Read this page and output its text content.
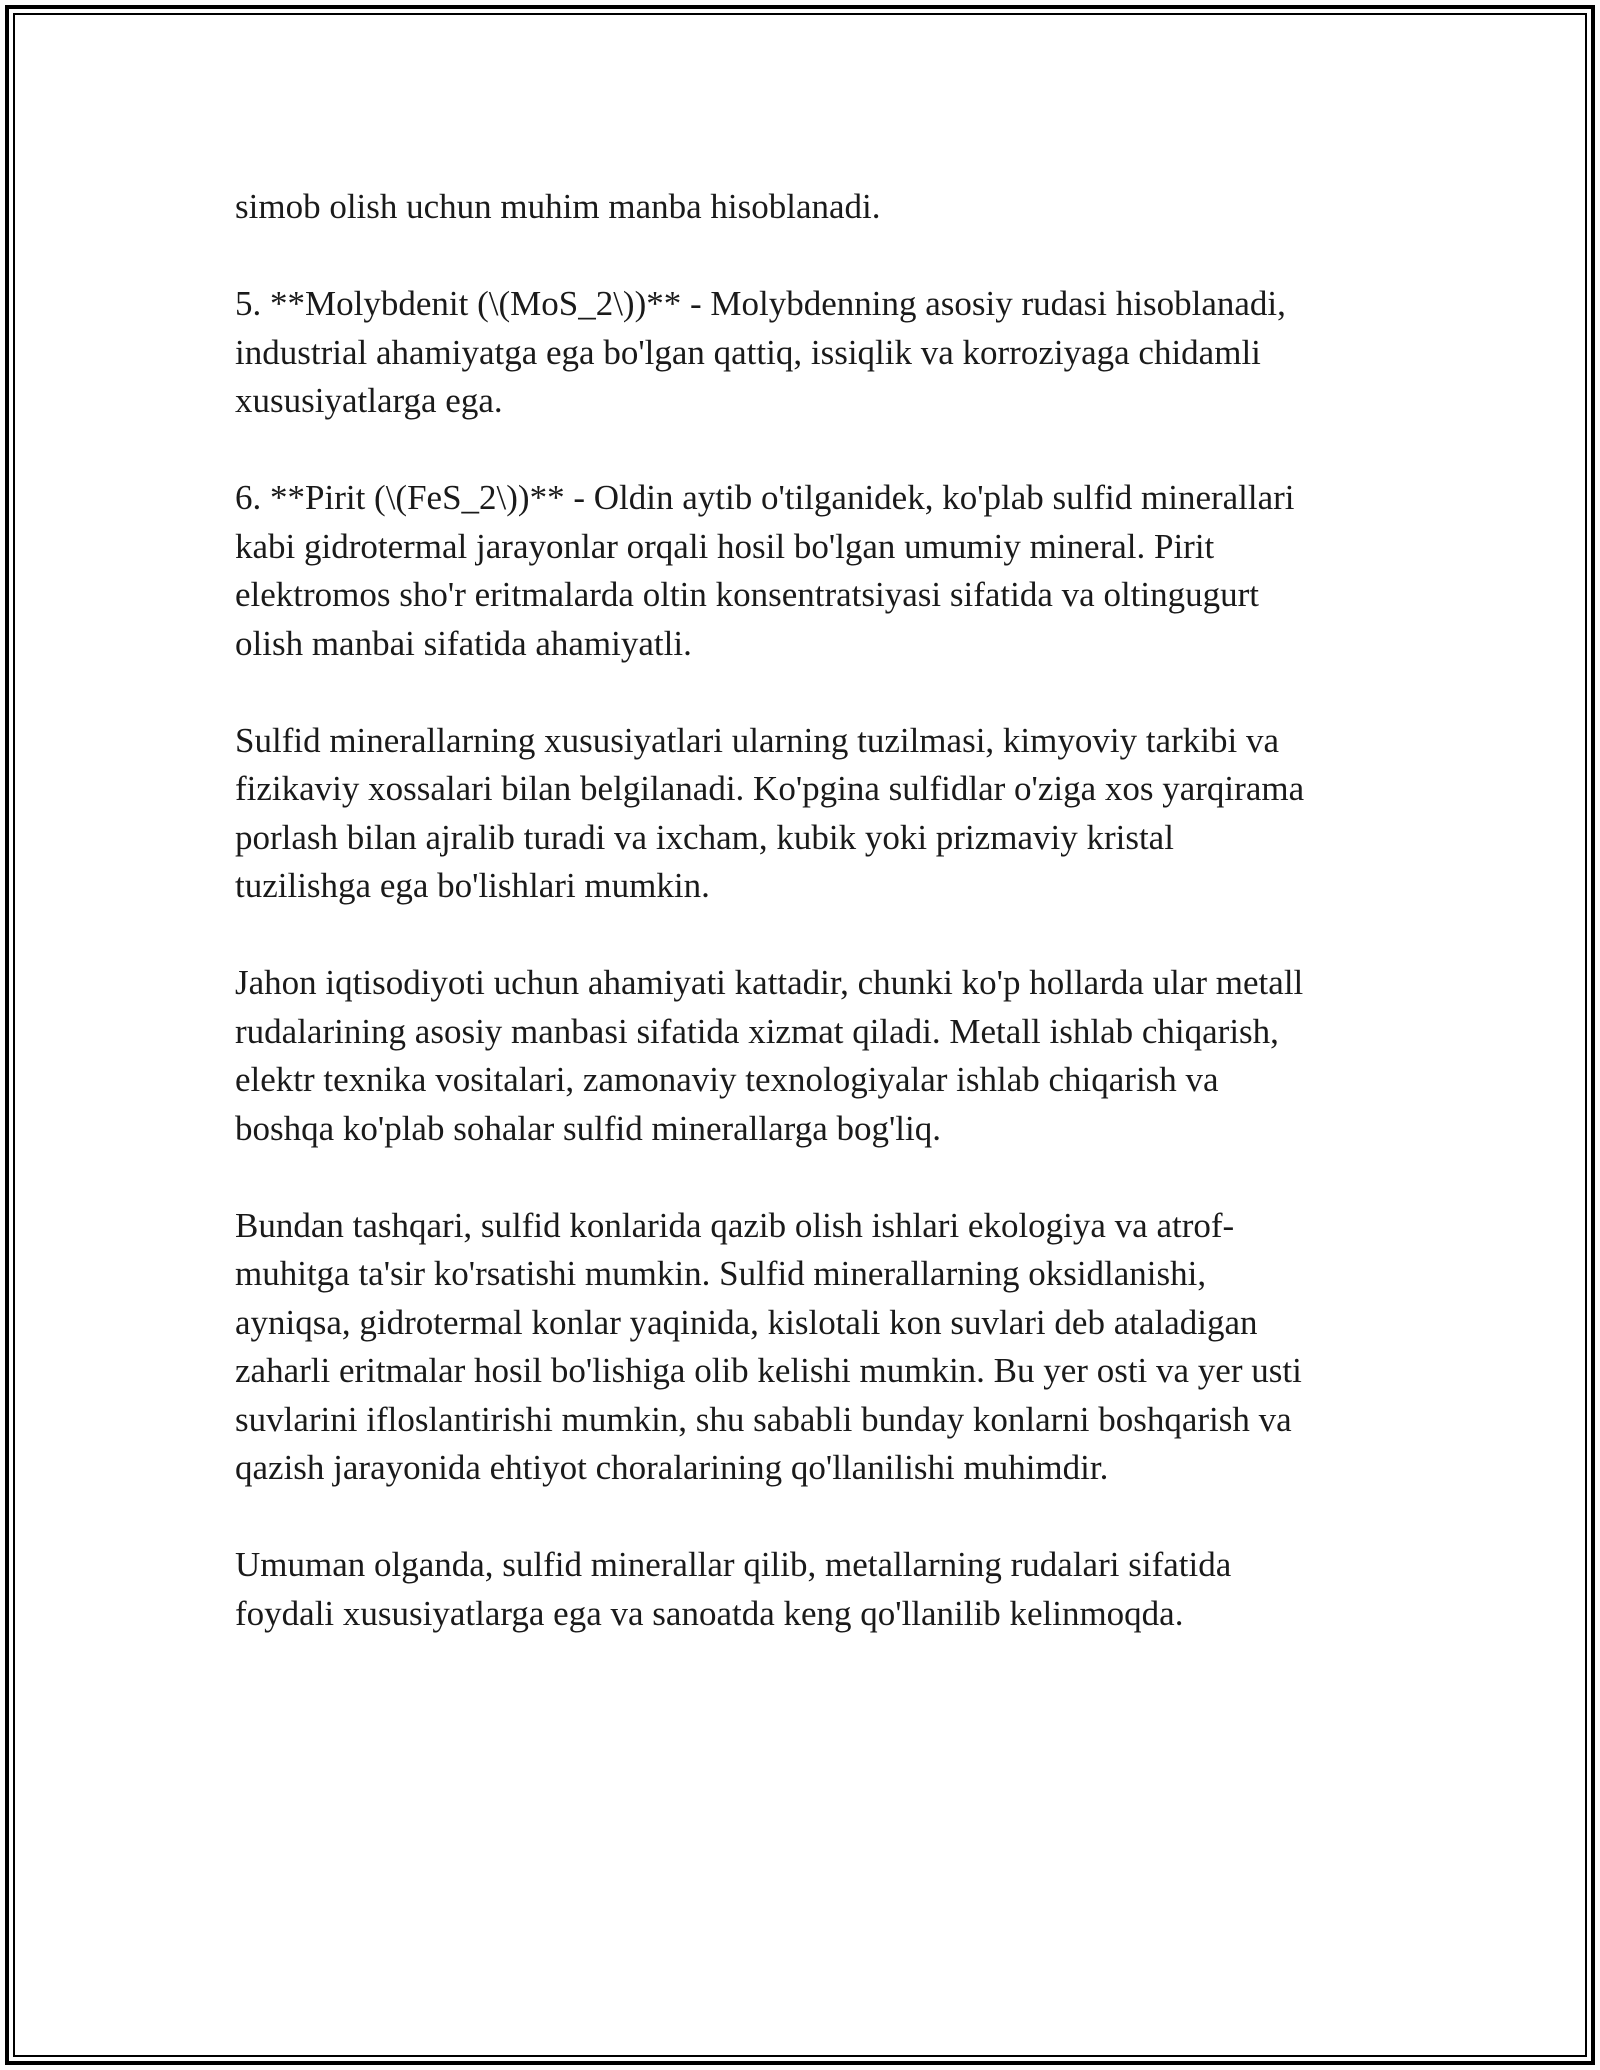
simob olish uchun muhim manba hisoblanadi.

5. **Molybdenit (\(MoS_2\))** - Molybdenning asosiy rudasi hisoblanadi,
industrial ahamiyatga ega bo'lgan qattiq, issiqlik va korroziyaga chidamli
xususiyatlarga ega.

6. **Pirit (\(FeS_2\))** - Oldin aytib o'tilganidek, ko'plab sulfid minerallari
kabi gidrotermal jarayonlar orqali hosil bo'lgan umumiy mineral. Pirit
elektromos sho'r eritmalarda oltin konsentratsiyasi sifatida va oltingugurt
olish manbai sifatida ahamiyatli.

Sulfid minerallarning xususiyatlari ularning tuzilmasi, kimyoviy tarkibi va
fizikaviy xossalari bilan belgilanadi. Ko'pgina sulfidlar o'ziga xos yarqirama
porlash bilan ajralib turadi va ixcham, kubik yoki prizmaviy kristal
tuzilishga ega bo'lishlari mumkin.

Jahon iqtisodiyoti uchun ahamiyati kattadir, chunki ko'p hollarda ular metall
rudalarining asosiy manbasi sifatida xizmat qiladi. Metall ishlab chiqarish,
elektr texnika vositalari, zamonaviy texnologiyalar ishlab chiqarish va
boshqa ko'plab sohalar sulfid minerallarga bog'liq.

Bundan tashqari, sulfid konlarida qazib olish ishlari ekologiya va atrof-
muhitga ta'sir ko'rsatishi mumkin. Sulfid minerallarning oksidlanishi,
ayniqsa, gidrotermal konlar yaqinida, kislotali kon suvlari deb ataladigan
zaharli eritmalar hosil bo'lishiga olib kelishi mumkin. Bu yer osti va yer usti
suvlarini ifloslantirishi mumkin, shu sababli bunday konlarni boshqarish va
qazish jarayonida ehtiyot choralarining qo'llanilishi muhimdir.

Umuman olganda, sulfid minerallar qilib, metallarning rudalari sifatida
foydali xususiyatlarga ega va sanoatda keng qo'llanilib kelinmoqda.
